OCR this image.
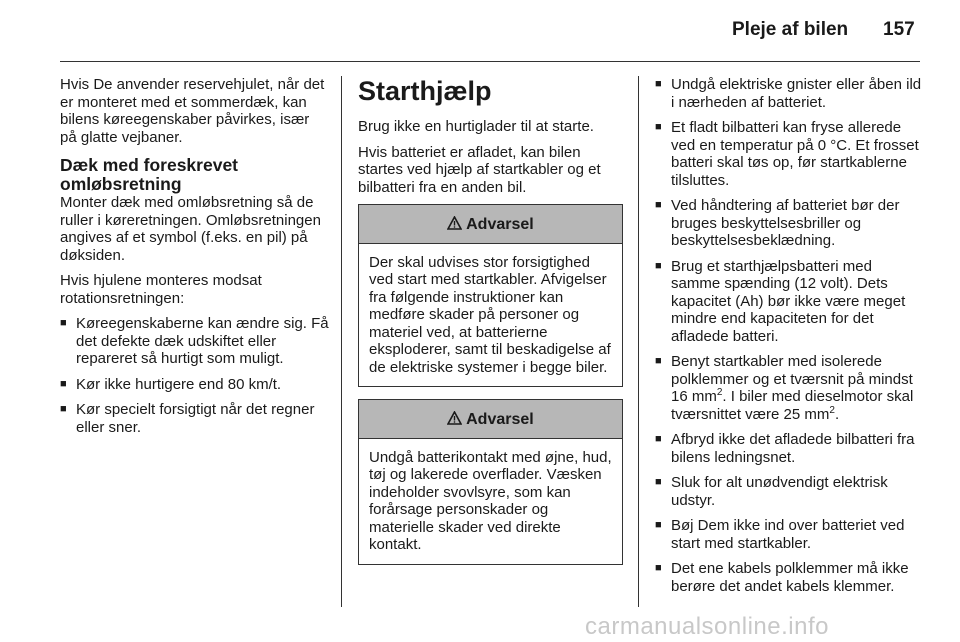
Pleje af bilen 157

Hvis De anvender reservehjulet, når det er monteret med et sommerdæk, kan bilens køreegenskaber påvirkes, især på glatte vejbaner.

Dæk med foreskrevet omløbsretning

Monter dæk med omløbsretning så de ruller i køreretningen. Omløbsretningen angives af et symbol (f.eks. en pil) på døksiden.

Hvis hjulene monteres modsat rotationsretningen:

■ Køreegenskaberne kan ændre sig. Få det defekte dæk udskiftet eller repareret så hurtigt som muligt.
■ Kør ikke hurtigere end 80 km/t.
■ Kør specielt forsigtigt når det regner eller sner.
Starthjælp

Brug ikke en hurtiglader til at starte.

Hvis batteriet er afladet, kan bilen startes ved hjælp af startkabler og et bilbatteri fra en anden bil.

Advarsel
Der skal udvises stor forsigtighed ved start med startkabler. Afvigelser fra følgende instruktioner kan medføre skader på personer og materiel ved, at batterierne eksploderer, samt til beskadigelse af de elektriske systemer i begge biler.
Advarsel
Undgå batterikontakt med øjne, hud, tøj og lakerede overflader. Væsken indeholder svovlsyre, som kan forårsage personskader og materielle skader ved direkte kontakt.
■ Undgå elektriske gnister eller åben ild i nærheden af batteriet.
■ Et fladt bilbatteri kan fryse allerede ved en temperatur på 0 °C. Et frosset batteri skal tøs op, før startkablerne tilsluttes.
■ Ved håndtering af batteriet bør der bruges beskyttelsesbriller og beskyttelsesbeklædning.
■ Brug et starthjælpsbatteri med samme spænding (12 volt). Dets kapacitet (Ah) bør ikke være meget mindre end kapaciteten for det afladede batteri.
■ Benyt startkabler med isolerede polklemmer og et tværsnit på mindst 16 $mm^2$. I biler med dieselmotor skal tværsnittet være 25 $mm^2$.
■ Afbryd ikke det afladede bilbatteri fra bilens ledningsnet.
■ Sluk for alt unødvendigt elektrisk udstyr.
■ Bøj Dem ikke ind over batteriet ved start med startkabler.
■ Det ene kabels polklemmer må ikke berøre det andet kabels klemmer.
carmanualsonline.info
